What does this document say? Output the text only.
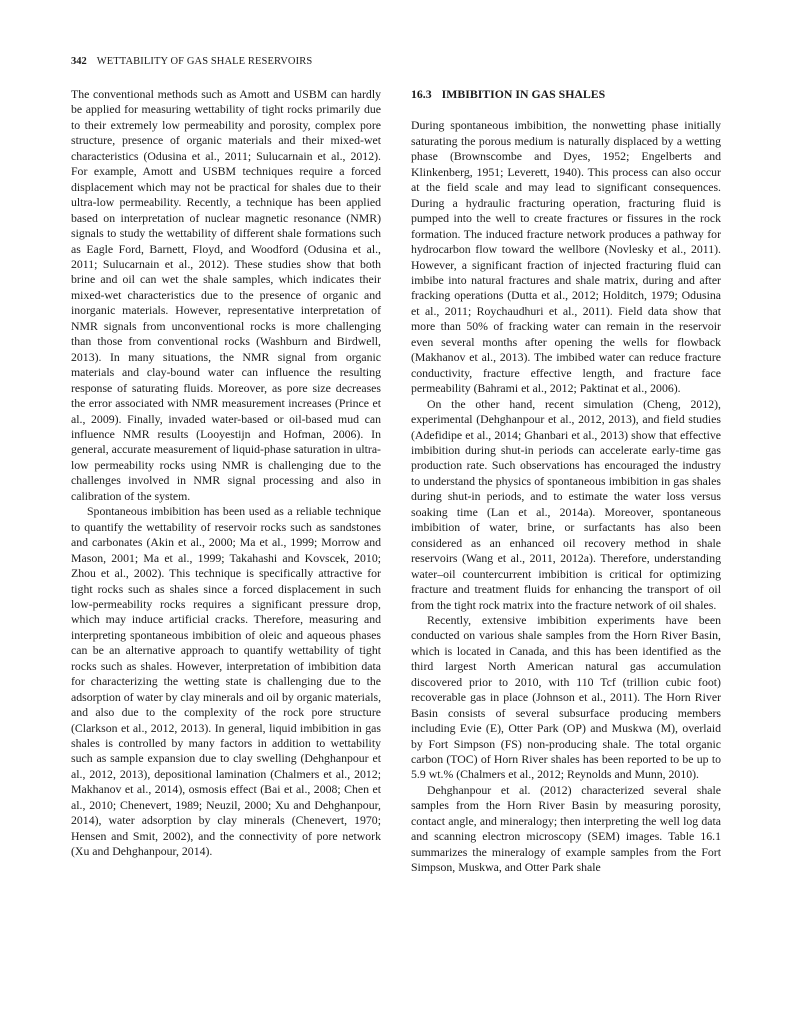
342 WETTABILITY OF GAS SHALE RESERVOIRS

The conventional methods such as Amott and USBM can hardly be applied for measuring wettability of tight rocks primarily due to their extremely low permeability and porosity, complex pore structure, presence of organic materials and their mixed-wet characteristics (Odusina et al., 2011; Sulucarnain et al., 2012). For example, Amott and USBM techniques require a forced displacement which may not be practical for shales due to their ultra-low permeability. Recently, a technique has been applied based on interpretation of nuclear magnetic resonance (NMR) signals to study the wettability of different shale formations such as Eagle Ford, Barnett, Floyd, and Woodford (Odusina et al., 2011; Sulucarnain et al., 2012). These studies show that both brine and oil can wet the shale samples, which indicates their mixed-wet characteristics due to the presence of organic and inorganic materials. However, representative interpretation of NMR signals from unconventional rocks is more challenging than those from conventional rocks (Washburn and Birdwell, 2013). In many situations, the NMR signal from organic materials and clay-bound water can influence the resulting response of saturating fluids. Moreover, as pore size decreases the error associated with NMR measurement increases (Prince et al., 2009). Finally, invaded water-based or oil-based mud can influence NMR results (Looyestijn and Hofman, 2006). In general, accurate measurement of liquid-phase saturation in ultra-low permeability rocks using NMR is challenging due to the challenges involved in NMR signal processing and also in calibration of the system.

Spontaneous imbibition has been used as a reliable technique to quantify the wettability of reservoir rocks such as sandstones and carbonates (Akin et al., 2000; Ma et al., 1999; Morrow and Mason, 2001; Ma et al., 1999; Takahashi and Kovscek, 2010; Zhou et al., 2002). This technique is specifically attractive for tight rocks such as shales since a forced displacement in such low-permeability rocks requires a significant pressure drop, which may induce artificial cracks. Therefore, measuring and interpreting spontaneous imbibition of oleic and aqueous phases can be an alternative approach to quantify wettability of tight rocks such as shales. However, interpretation of imbibition data for characterizing the wetting state is challenging due to the adsorption of water by clay minerals and oil by organic materials, and also due to the complexity of the rock pore structure (Clarkson et al., 2012, 2013). In general, liquid imbibition in gas shales is controlled by many factors in addition to wettability such as sample expansion due to clay swelling (Dehghanpour et al., 2012, 2013), depositional lamination (Chalmers et al., 2012; Makhanov et al., 2014), osmosis effect (Bai et al., 2008; Chen et al., 2010; Chenevert, 1989; Neuzil, 2000; Xu and Dehghanpour, 2014), water adsorption by clay minerals (Chenevert, 1970; Hensen and Smit, 2002), and the connectivity of pore network (Xu and Dehghanpour, 2014).

16.3 IMBIBITION IN GAS SHALES

During spontaneous imbibition, the nonwetting phase initially saturating the porous medium is naturally displaced by a wetting phase (Brownscombe and Dyes, 1952; Engelberts and Klinkenberg, 1951; Leverett, 1940). This process can also occur at the field scale and may lead to significant consequences. During a hydraulic fracturing operation, fracturing fluid is pumped into the well to create fractures or fissures in the rock formation. The induced fracture network produces a pathway for hydrocarbon flow toward the wellbore (Novlesky et al., 2011). However, a significant fraction of injected fracturing fluid can imbibe into natural fractures and shale matrix, during and after fracking operations (Dutta et al., 2012; Holditch, 1979; Odusina et al., 2011; Roychaudhuri et al., 2011). Field data show that more than 50% of fracking water can remain in the reservoir even several months after opening the wells for flowback (Makhanov et al., 2013). The imbibed water can reduce fracture conductivity, fracture effective length, and fracture face permeability (Bahrami et al., 2012; Paktinat et al., 2006).

On the other hand, recent simulation (Cheng, 2012), experimental (Dehghanpour et al., 2012, 2013), and field studies (Adefidipe et al., 2014; Ghanbari et al., 2013) show that effective imbibition during shut-in periods can accelerate early-time gas production rate. Such observations has encouraged the industry to understand the physics of spontaneous imbibition in gas shales during shut-in periods, and to estimate the water loss versus soaking time (Lan et al., 2014a). Moreover, spontaneous imbibition of water, brine, or surfactants has also been considered as an enhanced oil recovery method in shale reservoirs (Wang et al., 2011, 2012a). Therefore, understanding water–oil countercurrent imbibition is critical for optimizing fracture and treatment fluids for enhancing the transport of oil from the tight rock matrix into the fracture network of oil shales.

Recently, extensive imbibition experiments have been conducted on various shale samples from the Horn River Basin, which is located in Canada, and this has been identified as the third largest North American natural gas accumulation discovered prior to 2010, with 110 Tcf (trillion cubic foot) recoverable gas in place (Johnson et al., 2011). The Horn River Basin consists of several subsurface producing members including Evie (E), Otter Park (OP) and Muskwa (M), overlaid by Fort Simpson (FS) non-producing shale. The total organic carbon (TOC) of Horn River shales has been reported to be up to 5.9 wt.% (Chalmers et al., 2012; Reynolds and Munn, 2010).

Dehghanpour et al. (2012) characterized several shale samples from the Horn River Basin by measuring porosity, contact angle, and mineralogy; then interpreting the well log data and scanning electron microscopy (SEM) images. Table 16.1 summarizes the mineralogy of example samples from the Fort Simpson, Muskwa, and Otter Park shale
